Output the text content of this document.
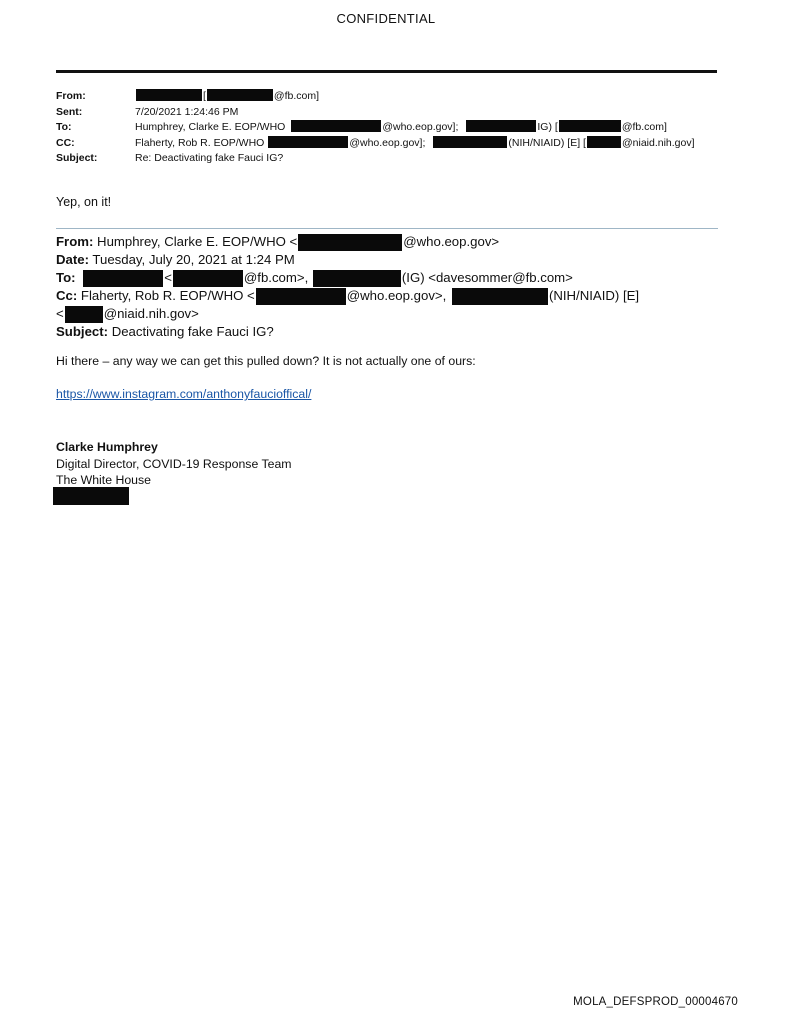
CONFIDENTIAL
From:	[	@fb.com]
Sent:	7/20/2021 1:24:46 PM
To:	Humphrey, Clarke E. EOP/WHO	@who.eop.gov];	IG) [	@fb.com]
CC:	Flaherty, Rob R. EOP/WHO	@who.eop.gov];	(NIH/NIAID) [E] [	@niaid.nih.gov]
Subject:	Re: Deactivating fake Fauci IG?
Yep, on it!
From: Humphrey, Clarke E. EOP/WHO <	@who.eop.gov>
Date: Tuesday, July 20, 2021 at 1:24 PM
To:	<	@fb.com>,	(IG) <davesommer@fb.com>
Cc: Flaherty, Rob R. EOP/WHO <	@who.eop.gov>,	(NIH/NIAID) [E]
<	@niaid.nih.gov>
Subject: Deactivating fake Fauci IG?
Hi there – any way we can get this pulled down? It is not actually one of ours:
https://www.instagram.com/anthonyfaucioffical/
Clarke Humphrey
Digital Director, COVID-19 Response Team
The White House
MOLA_DEFSPROD_00004670
